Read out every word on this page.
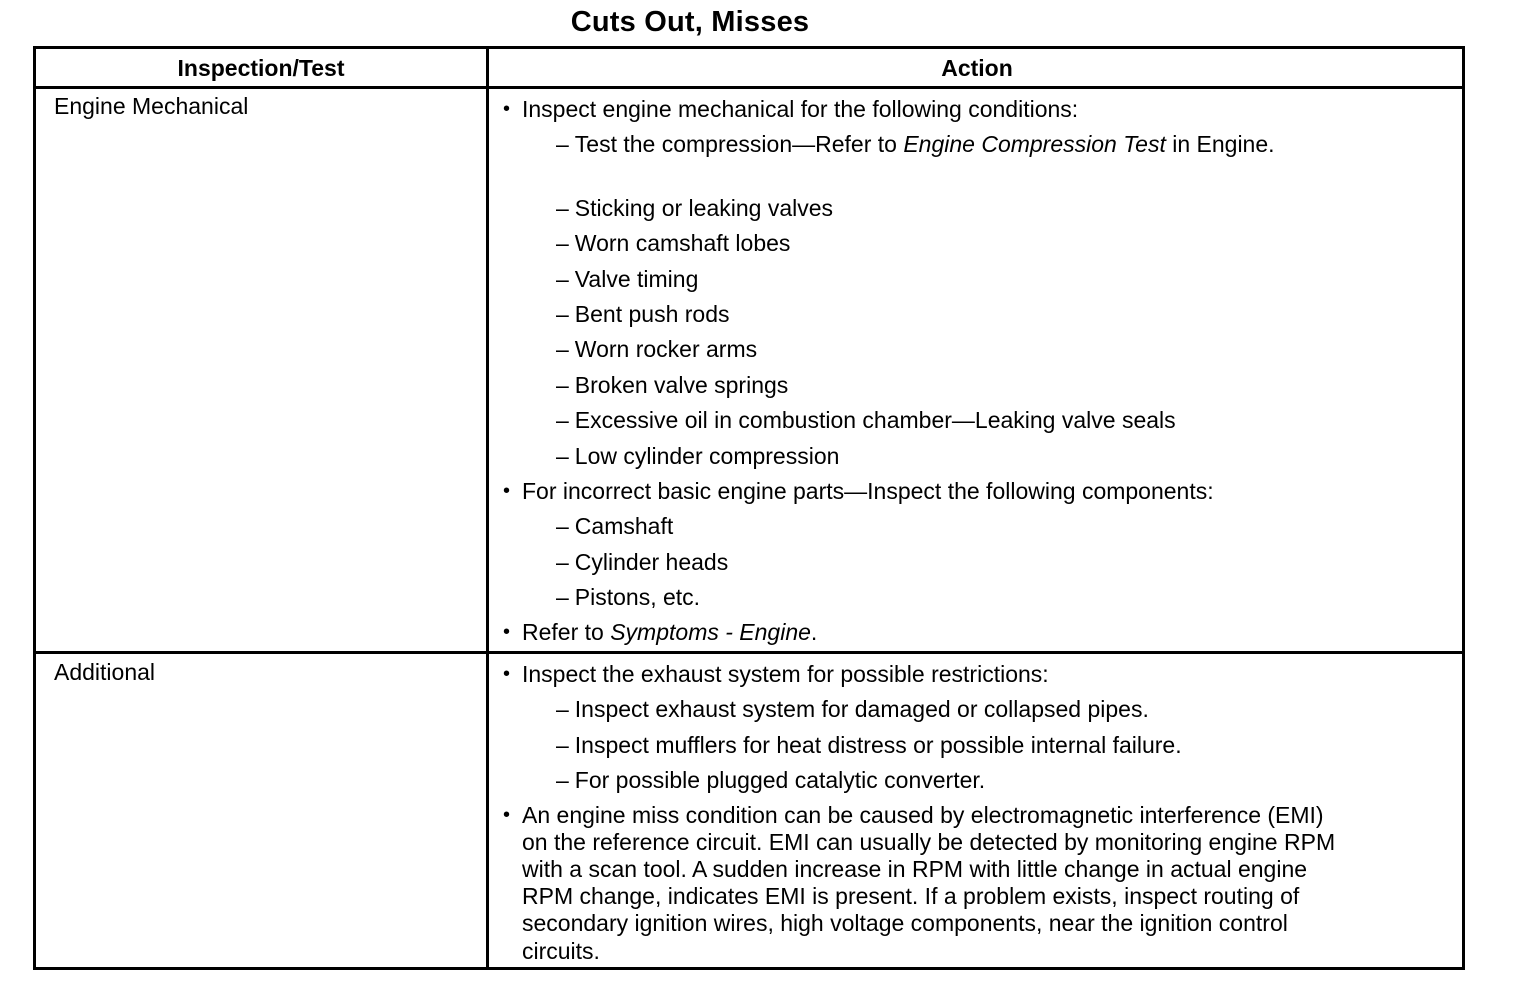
Cuts Out, Misses
Inspection/Test	Action
Engine Mechanical	• Inspect engine mechanical for the following conditions:
– Test the compression—Refer to Engine Compression Test in Engine.
– Sticking or leaking valves
– Worn camshaft lobes
– Valve timing
– Bent push rods
– Worn rocker arms
– Broken valve springs
– Excessive oil in combustion chamber—Leaking valve seals
– Low cylinder compression
• For incorrect basic engine parts—Inspect the following components:
– Camshaft
– Cylinder heads
– Pistons, etc.
• Refer to Symptoms - Engine.
Additional	• Inspect the exhaust system for possible restrictions:
– Inspect exhaust system for damaged or collapsed pipes.
– Inspect mufflers for heat distress or possible internal failure.
– For possible plugged catalytic converter.
• An engine miss condition can be caused by electromagnetic interference (EMI)
on the reference circuit. EMI can usually be detected by monitoring engine RPM
with a scan tool. A sudden increase in RPM with little change in actual engine
RPM change, indicates EMI is present. If a problem exists, inspect routing of
secondary ignition wires, high voltage components, near the ignition control
circuits.
